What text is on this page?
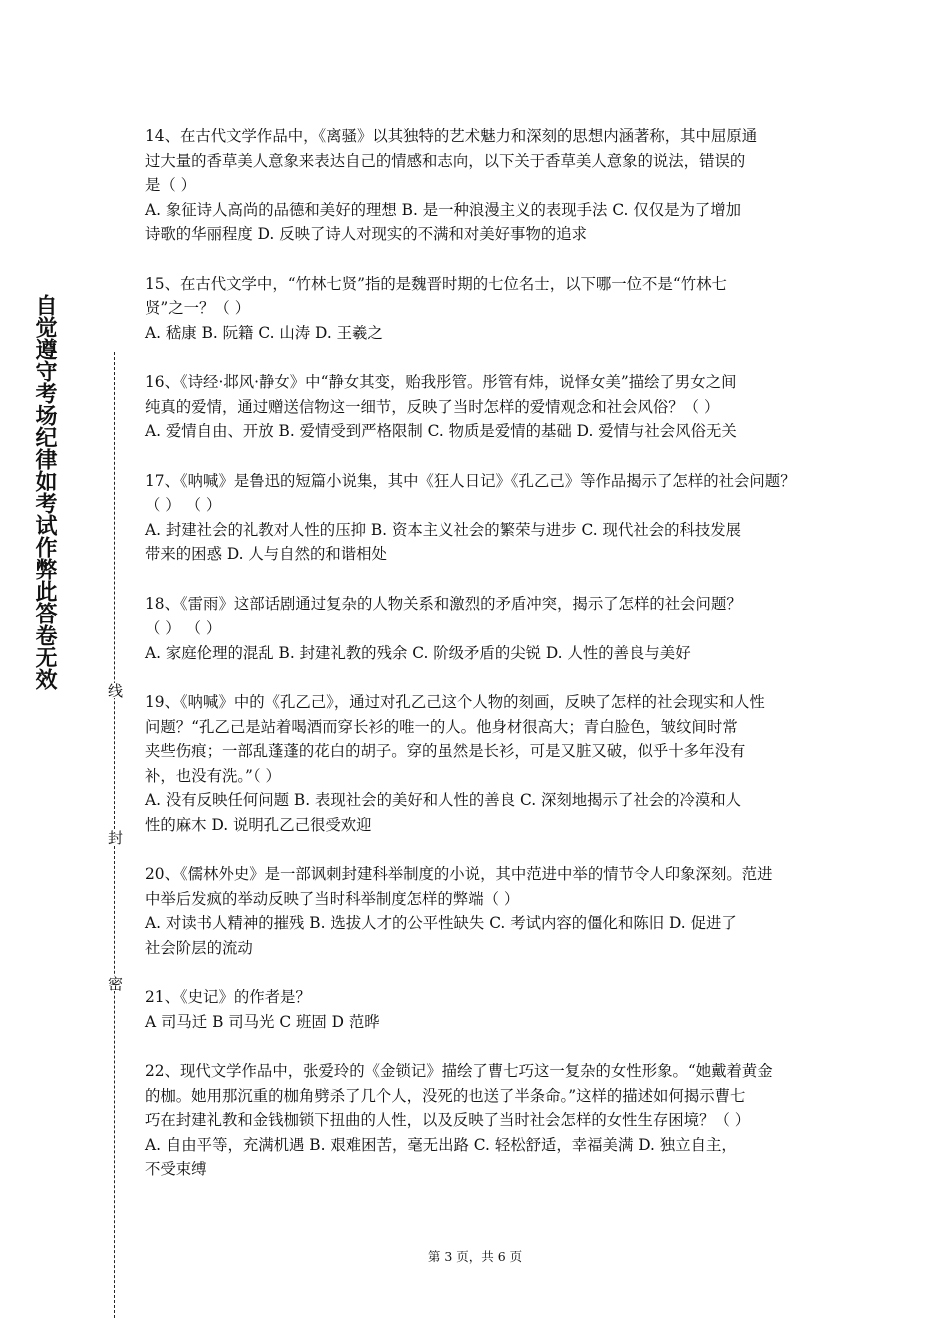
自觉遵守考场纪律如考试作弊此答卷无效
线
封
密

14、在古代文学作品中，《离骚》以其独特的艺术魅力和深刻的思想内涵著称，其中屈原通

过大量的香草美人意象来表达自己的情感和志向，以下关于香草美人意象的说法，错误的

是（ ）

A. 象征诗人高尚的品德和美好的理想 B. 是一种浪漫主义的表现手法 C. 仅仅是为了增加

诗歌的华丽程度 D. 反映了诗人对现实的不满和对美好事物的追求

15、在古代文学中，“竹林七贤”指的是魏晋时期的七位名士，以下哪一位不是“竹林七

贤”之一？（ ）

A. 嵇康 B. 阮籍 C. 山涛 D. 王羲之

16、《诗经·邶风·静女》中“静女其变，贻我彤管。彤管有炜，说怿女美”描绘了男女之间

纯真的爱情，通过赠送信物这一细节，反映了当时怎样的爱情观念和社会风俗？（ ）

A. 爱情自由、开放 B. 爱情受到严格限制 C. 物质是爱情的基础 D. 爱情与社会风俗无关

17、《呐喊》是鲁迅的短篇小说集，其中《狂人日记》《孔乙己》等作品揭示了怎样的社会问题？

（ ） （ ）

A. 封建社会的礼教对人性的压抑 B. 资本主义社会的繁荣与进步 C. 现代社会的科技发展

带来的困惑 D. 人与自然的和谐相处

18、《雷雨》这部话剧通过复杂的人物关系和激烈的矛盾冲突，揭示了怎样的社会问题？

（ ） （ ）

A. 家庭伦理的混乱 B. 封建礼教的残余 C. 阶级矛盾的尖锐 D. 人性的善良与美好

19、《呐喊》中的《孔乙己》，通过对孔乙己这个人物的刻画，反映了怎样的社会现实和人性

问题？“孔乙己是站着喝酒而穿长衫的唯一的人。他身材很高大；青白脸色，皱纹间时常

夹些伤痕；一部乱蓬蓬的花白的胡子。穿的虽然是长衫，可是又脏又破，似乎十多年没有

补，也没有洗。”（ ）

A. 没有反映任何问题 B. 表现社会的美好和人性的善良 C. 深刻地揭示了社会的冷漠和人

性的麻木 D. 说明孔乙己很受欢迎

20、《儒林外史》是一部讽刺封建科举制度的小说，其中范进中举的情节令人印象深刻。范进

中举后发疯的举动反映了当时科举制度怎样的弊端（ ）

A. 对读书人精神的摧残 B. 选拔人才的公平性缺失 C. 考试内容的僵化和陈旧 D. 促进了

社会阶层的流动

21、《史记》的作者是？

A 司马迁 B 司马光 C 班固 D 范晔

22、现代文学作品中，张爱玲的《金锁记》描绘了曹七巧这一复杂的女性形象。“她戴着黄金

的枷。她用那沉重的枷角劈杀了几个人，没死的也送了半条命。”这样的描述如何揭示曹七

巧在封建礼教和金钱枷锁下扭曲的人性，以及反映了当时社会怎样的女性生存困境？（ ）

A. 自由平等，充满机遇 B. 艰难困苦，毫无出路 C. 轻松舒适，幸福美满 D. 独立自主，

不受束缚

第 3 页，共 6 页
